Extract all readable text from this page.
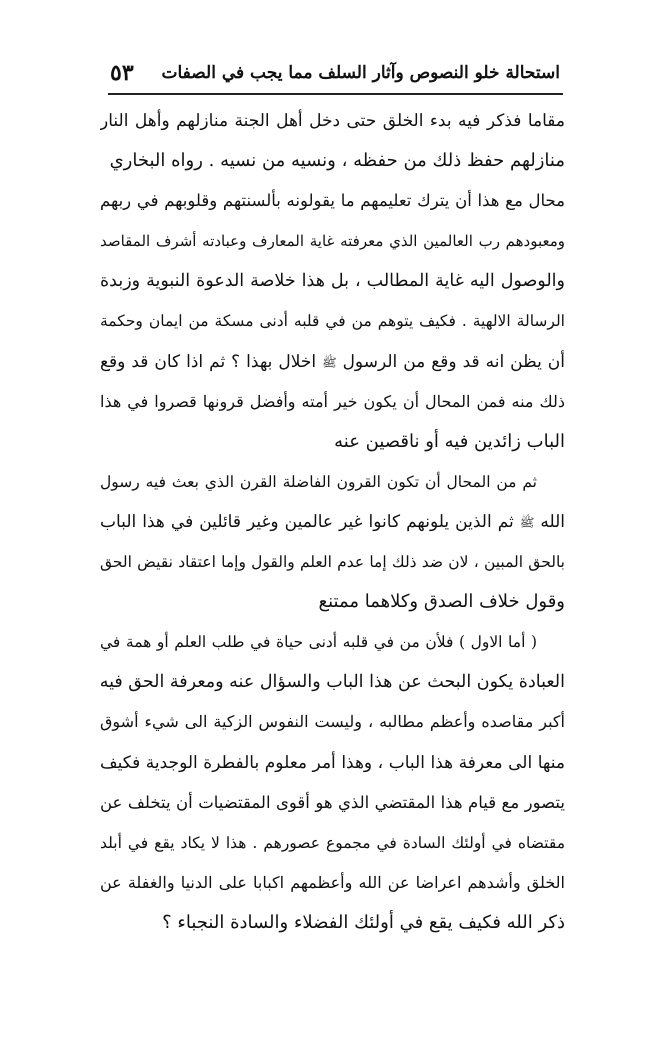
استحالة خلو النصوص وآثار السلف مما يجب في الصفات
٥٣
مقاما فذكر فيه بدء الخلق حتى دخل أهل الجنة منازلهم وأهل النار
منازلهم حفظ ذلك من حفظه ، ونسيه من نسيه . رواه البخاري
محال مع هذا أن يترك تعليمهم ما يقولونه بألسنتهم وقلوبهم في ربهم
ومعبودهم رب العالمين الذي معرفته غاية المعارف وعبادته أشرف المقاصد
والوصول اليه غاية المطالب ، بل هذا خلاصة الدعوة النبوية وزبدة
الرسالة الالهية . فكيف يتوهم من في قلبه أدنى مسكة من ايمان وحكمة
أن يظن انه قد وقع من الرسول ﷺ اخلال بهذا ؟ ثم اذا كان قد وقع
ذلك منه فمن المحال أن يكون خير أمته وأفضل قرونها قصروا في هذا
الباب زائدين فيه أو ناقصين عنه
ثم من المحال أن تكون القرون الفاضلة القرن الذي بعث فيه رسول
الله ﷺ ثم الذين يلونهم كانوا غير عالمين وغير قائلين في هذا الباب
بالحق المبين ، لان ضد ذلك إما عدم العلم والقول وإما اعتقاد نقيض الحق
وقول خلاف الصدق وكلاهما ممتنع
( أما الاول ) فلأن من في قلبه أدنى حياة في طلب العلم أو همة في
العبادة يكون البحث عن هذا الباب والسؤال عنه ومعرفة الحق فيه
أكبر مقاصده وأعظم مطالبه ، وليست النفوس الزكية الى شيء أشوق
منها الى معرفة هذا الباب ، وهذا أمر معلوم بالفطرة الوجدية فكيف
يتصور مع قيام هذا المقتضي الذي هو أقوى المقتضيات أن يتخلف عن
مقتضاه في أولئك السادة في مجموع عصورهم . هذا لا يكاد يقع في أبلد
الخلق وأشدهم اعراضا عن الله وأعظمهم اكبابا على الدنيا والغفلة عن
ذكر الله فكيف يقع في أولئك الفضلاء والسادة النجباء ؟
